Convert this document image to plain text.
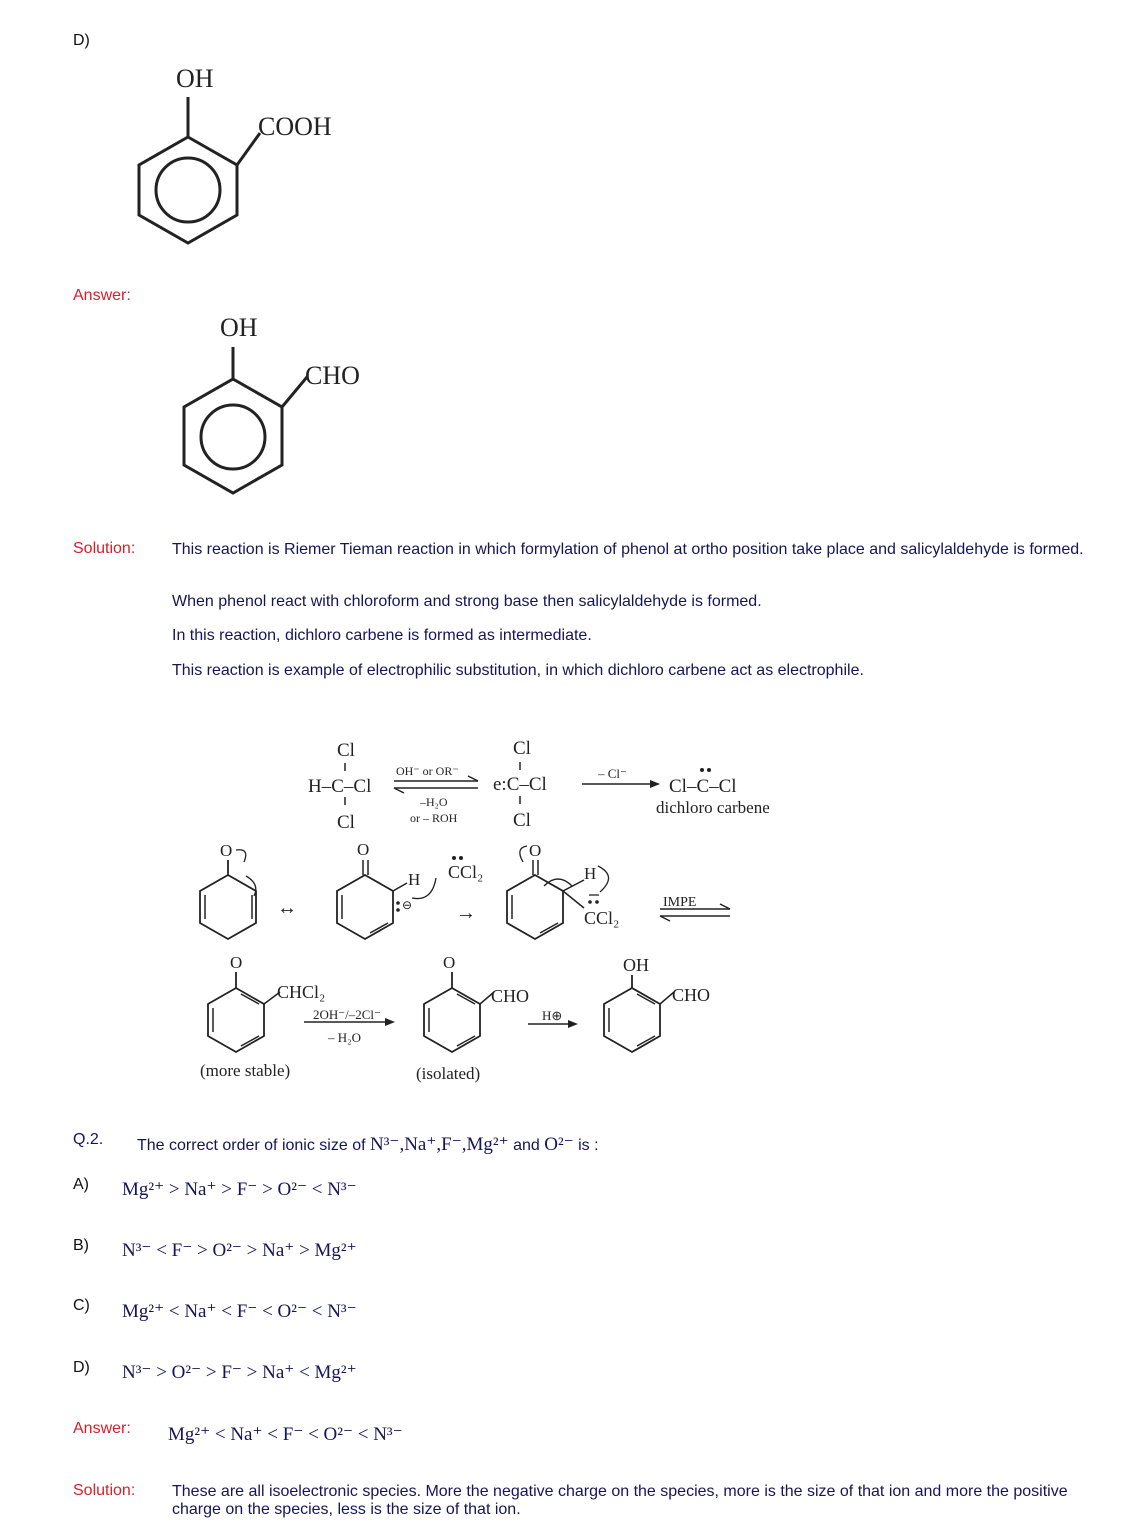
D)
OH
COOH
Answer:
OH
CHO
Solution: This reaction is Riemer Tieman reaction in which formylation of phenol at ortho position take place and salicylaldehyde is formed.
When phenol react with chloroform and strong base then salicylaldehyde is formed.
In this reaction, dichloro carbene is formed as intermediate.
This reaction is example of electrophilic substitution, in which dichloro carbene act as electrophile.
Cl
H–C–Cl
Cl
OH⁻ or OR⁻
–H₂O
or – ROH
Cl
e:C–Cl
Cl
– Cl⁻
Cl–C–Cl
dichloro carbene
O
↔
O
H
⊖
CCl₂
→
O
H
CCl₂
IMPE
O
CHCl₂
2OH⁻/–2Cl⁻
– H₂O
(more stable)
O
CHO
H⊕
(isolated)
OH
CHO
Q.2. The correct order of ionic size of N³⁻,Na⁺,F⁻,Mg²⁺ and O²⁻ is :
A) Mg²⁺ > Na⁺ > F⁻ > O²⁻ < N³⁻
B) N³⁻ < F⁻ > O²⁻ > Na⁺ > Mg²⁺
C) Mg²⁺ < Na⁺ < F⁻ < O²⁻ < N³⁻
D) N³⁻ > O²⁻ > F⁻ > Na⁺ < Mg²⁺
Answer: Mg²⁺ < Na⁺ < F⁻ < O²⁻ < N³⁻
Solution: These are all isoelectronic species. More the negative charge on the species, more is the size of that ion and more the positive charge on the species, less is the size of that ion.
